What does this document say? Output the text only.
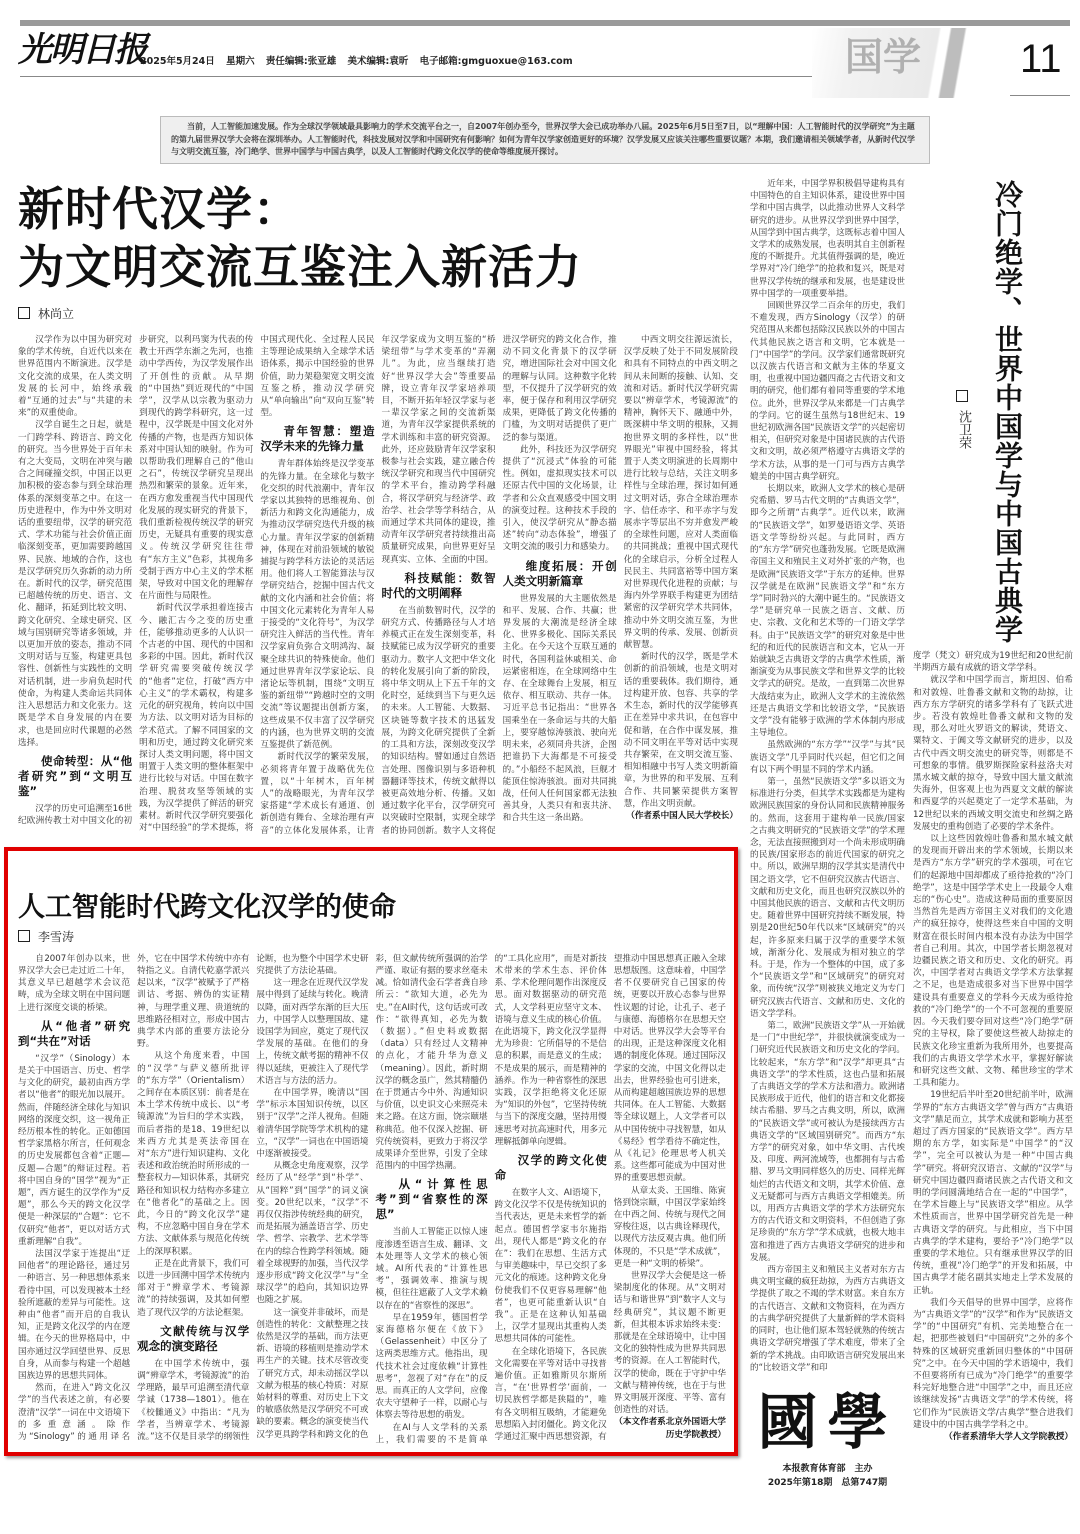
光明日报
2025年5月24日 星期六 责任编辑:张亚雄 美术编辑:袁昕 电子邮箱:gmguoxue@163.com	国学 11
当前，人工智能加速发展。作为全球汉学领域最具影响力的学术交流平台之一，自2007年创办至今，世界汉学大会已成功举办八届。2025年6月5日至7日，以“理解中国：人工智能时代的汉学研究”为主题的第九届世界汉学大会将在深圳举办。人工智能时代，科技发展对汉学和中国研究有何影响？如何为青年汉学家创造更好的环境？汉学发展又应该关注哪些重要议题？本期，我们邀请相关领域学者，从新时代汉学与文明交流互鉴，冷门绝学、世界中国学与中国古典学，以及人工智能时代跨文化汉学的使命等维度展开探讨。
新时代汉学：
为文明交流互鉴注入新活力
林尚立

汉学作为以中国为研究对象的学术传统，自近代以来在世界范围内不断演进。汉学是文化交流的成果，在人类文明发展的长河中，始终承载着“互通的过去”与“共建的未来”的双重使命。

汉学自诞生之日起，就是一门跨学科、跨语言、跨文化的研究。当今世界处于百年未有之大变局，文明在冲突与融合之间碰撞交织，中国正以更加积极的姿态参与到全球治理体系的深刻变革之中。在这一历史进程中，作为中外文明对话的重要纽带，汉学的研究范式、学术功能与社会价值正面临深刻变革，更加需要跨越国界、民族、地域的合作，这也是汉学研究历久弥新的动力所在。新时代的汉学，研究范围已超越传统的历史、语言、文化、翻译，拓延到比较文明、跨文化研究、全球史研究、区域与国别研究等诸多领域，并以更加开放的姿态，推动不同文明对话与互鉴，构建更具包容性、创新性与实践性的文明对话机制，进一步肩负起时代使命，为构建人类命运共同体注入思想活力和文化张力。这既是学术自身发展的内在要求，也是回应时代课题的必然选择。

使命转型：从“他者研究”到“文明互鉴”

汉学的历史可追溯至16世纪欧洲传教士对中国文化的初步研究，以利玛窦为代表的传教士开西学东渐之先河，也推动中学西传，为汉学发展作出了开创性的贡献。从早期的“中国热”到近现代的“中国学”，汉学从以宗教为驱动力到现代的跨学科研究，这一过程中，汉学既是中国文化对外传播的产物，也是西方知识体系对中国认知的映射。作为可以帮助我们理解自己的“他山之石”，传统汉学研究呈现出热烈和繁荣的景象。近年来，在西方愈发重视当代中国现代化发展的现实研究的背景下，我们重新检视传统汉学的研究历史，无疑具有重要的现实意义。传统汉学研究往往带有“东方主义”色彩，其视角多受制于西方中心主义的学术框架，导致对中国文化的理解存在片面性与局限性。

新时代汉学承担着连接古今、融汇古今之变的历史重任，能够推动更多的人认识一个古老的中国、现代的中国和多彩的中国。因此，新时代汉学研究需要突破传统汉学的“他者”定位，打破“西方中心主义”的学术霸权，构建多元化的研究视角，转向以中国为方法、以文明对话为目标的学术范式。了解不同国家的文明和历史，通过跨文化研究来探讨人类文明问题，将中国文明置于人类文明的整体框架中进行比较与对话。中国在数字治理、脱贫攻坚等领域的实践，为汉学提供了鲜活的研究素材。新时代汉学研究要强化对“中国经验”的学术提炼，将中国式现代化、全过程人民民主等理论成果纳入全球学术话语体系，揭示中国经验的世界价值，助力架稳架宽文明交流互鉴之桥，推动汉学研究从“单向输出”向“双向互鉴”转型。

青年智慧：塑造汉学未来的先锋力量

青年群体始终是汉学变革的先锋力量。在全球化与数字化交织的时代浪潮中，青年汉学家以其独特的思维视角、创新活力和跨文化沟通能力，成为推动汉学研究迭代升级的核心力量。青年汉学家的创新精神，体现在对前沿领域的敏锐捕捉与跨学科方法论的灵活运用。他们将人工智能算法与汉学研究结合，挖掘中国古代文献的文化内涵和社会价值；将中国文化元素转化为青年人易于接受的“文化符号”，为汉学研究注入鲜活的当代性。青年汉学家肩负弥合文明鸿沟、凝聚全球共识的特殊使命。他们通过世界青年汉学家论坛、良渚论坛等机制，围绕“文明互鉴的新纽带”“跨越时空的文明交流”等议题提出创新方案，这些成果不仅丰富了汉学研究的内涵，也为世界文明的交流互鉴提供了新范例。

新时代汉学的繁荣发展，必须将青年置于战略优先位置，以“十年树木，百年树人”的战略眼光，为青年汉学家搭建“学术成长有通道、创新创造有舞台、全球治理有声音”的立体化发展体系，让青年汉学家成为文明互鉴的“桥梁纽带”与学术变革的“弄潮儿”。为此，应当继续打造好“世界汉学大会”等重要品牌，设立青年汉学家培养项目，不断开拓年轻汉学家与老一辈汉学家之间的交流新渠道，为青年汉学家提供系统的学术训练和丰富的研究资源。此外，还应鼓励青年汉学家积极参与社会实践，建立融合传统汉学研究和现当代中国研究的学术平台，推动跨学科融合，将汉学研究与经济学、政治学、社会学等学科结合，从而通过学术共同体的建设，推动青年汉学研究者持续推出高质量研究成果，向世界更好呈现真实、立体、全面的中国。

科技赋能：数智时代的文明阐释

在当前数智时代，汉学的研究方式、传播路径与人才培养模式正在发生深刻变革，科技赋能已成为汉学研究的重要驱动力。数字人文把中华文化的转化发展引向了新的阶段，将中华文明从上下五千年的文化时空，延续到当下与更久远的未来。人工智能、大数据、区块链等数字技术的迅猛发展，为跨文化研究提供了全新的工具和方法，深刻改变汉学的知识结构。譬如通过自然语言处理、图像识别与多语种机器翻译等技术，传统文献得以被更高效地分析、传播。又如通过数字化平台，汉学研究可以突破时空限制，实现全球学者的协同创新。数字人文将促进汉学研究的跨文化合作，推动不同文化背景下的汉学研究，增进国际社会对中国文化的理解与认同。这种数字化转型，不仅提升了汉学研究的效率，便于保存和利用汉学研究成果，更降低了跨文化传播的门槛，为文明对话提供了更广泛的参与渠道。

此外，科技还为汉学研究提供了“沉浸式”体验的可能性。例如，虚拟现实技术可以还原古代中国的文化场景，让学者和公众直观感受中国文明的演变过程。这种技术手段的引入，使汉学研究从“静态描述”转向“动态体验”，增强了文明交流的吸引力和感染力。

维度拓展：开创人类文明新篇章

世界发展的大主题依然是和平、发展、合作、共赢；世界发展的大潮流是经济全球化、世界多极化、国际关系民主化。在今天这个互联互通的时代，各国利益休戚相关、命运紧密相连，在全球网络中生存、在全球舞台上发展，相互依存、相互联动、共存一体。习近平总书记指出：“世界各国乘坐在一条命运与共的大船上，要穿越惊涛骇浪、驶向光明未来，必须同舟共济，企图把谁扔下大海都是不可接受的。”小船经不起风浪，巨舰才能顶住惊涛骇浪。面对共同挑战，任何人任何国家都无法独善其身，人类只有和衷共济、和合共生这一条出路。

中西文明交往源远流长，汉学反映了处于不同发展阶段和具有不同特点的中西文明之间从未间断的接触、认知、交流和对话。新时代汉学研究需要以“辨章学术，考镜源流”的精神，胸怀天下、融通中外，既深耕中华文明的根脉，又拥抱世界文明的多样性，以“世界眼光”审视中国经验，将其置于人类文明演进的长周期中进行比较与总结，关注文明多样性与全球治理，探讨如何通过文明对话，弥合全球治理赤字、信任赤字、和平赤字与发展赤字等层出不穷并愈发严峻的全球性问题，应对人类面临的共同挑战；重视中国式现代化的全球启示，分析全过程人民民主、共同富裕等中国方案对世界现代化进程的贡献；与海内外学界联手构建更为团结紧密的汉学研究学术共同体，推动中外文明交流互鉴，为世界文明的传承、发展、创新贡献智慧。

新时代的汉学，既是学术创新的前沿领域，也是文明对话的重要载体。我们期待，通过构建开放、包容、共享的学术生态，新时代的汉学能够真正在差异中求共识，在包容中促和谐，在合作中谋发展，推动不同文明在平等对话中实现共存繁荣，在文明交流互鉴、相知相融中书写人类文明新篇章，为世界的和平发展、互利合作、共同繁荣提供方案智慧，作出文明贡献。

（作者系中国人民大学校长）

人工智能时代跨文化汉学的使命
李雪涛

自2007年创办以来，世界汉学大会已走过近二十年，其意义早已超越学术会议范畴，成为全球文明在中国问题上进行深度交谈的桥梁。

从“他者”研究到“共在”对话

“汉学”（Sinology）本是关于中国语言、历史、哲学与文化的研究，最初由西方学者以“他者”的眼光加以展开。然而，伴随经济全球化与知识网络的深度交织，这一视角正经历根本性的转化。正如德国哲学家黑格尔所言，任何观念的历史发展都包含着“正题—反题—合题”的辩证过程。若将中国自身的“国学”视为“正题”，西方诞生的汉学作为“反题”，那么今天的跨文化汉学便是一种深层的“合题”：它不仅研究“他者”，更以对话方式重新理解“自我”。

法国汉学家于连提出“迂回他者”的理论路径，通过另一种语言、另一种思想体系来看待中国，可以发现被本土经验所遮蔽的差异与可能性。这种由“他者”而开启的自我认知，正是跨文化汉学的内在逻辑。在今天的世界格局中，中国亦通过汉学回望世界、反思自身，从而参与构建一个超越国族边界的思想共同体。

然而，在进入“跨文化汉学”的当代表述之前，有必要澄清“汉学”一词在中文语境下的多重意涵。除作为“Sinology”的通用译名外，它在中国学术传统中亦有特指之义。自清代乾嘉学派兴起以来，“汉学”被赋予了严格训诂、考据、辨伪的实证精神，与理学重义理、贵道统的思维路径相对立，形成中国古典学术内部的重要方法论分野。

从这个角度来看，中国的“汉学”与萨义德所批评的“东方学”（Orientalism）之间存在本质区别：前者是在本土学术传统中成长、以“考镜源流”为旨归的学术实践，而后者指的是18、19世纪以来西方尤其是英法帝国在对“东方”进行知识建构、文化表述和政治统治时所形成的一整套权力—知识体系，其研究路径和知识权力结构亦多建立在“他者化”的基础之上。因此，今日的“跨文化汉学”建构，不应忽略中国自身在学术方法、文献体系与规范化传统上的深厚积累。

正是在此背景下，我们可以进一步回溯中国学术传统内部对于“辨章学术、考镜源流”的持续强调，及其如何塑造了现代汉学的方法论框架。

文献传统与汉学观念的演变路径

在中国学术传统中，强调“辨章学术，考镜源流”的治学理路，最早可追溯至清代章学诚（1738—1801）。他在《校雠通义》中指出：“凡为学者，当辨章学术、考镜源流。”这不仅是目录学的纲领性论断，也为整个中国学术史研究提供了方法论基础。

这一理念在近现代汉学发展中得到了延续与转化。晚清以降，面对西学东渐的巨大压力，中国学人以整理国故、建设国学为回应，奠定了现代汉学发展的基础。在他们的身上，传统文献考据的精神不仅得以延续，更被注入了现代学术语言与方法的活力。

在中国学界，晚清以“国学”标示本国知识传统，以区别于“汉学”之洋人视角。但随着清华国学院等学术机构的建立，“汉学”一词也在中国语境中逐渐被接受。

从概念史角度观察，汉学经历了从“经学”到“朴学”、从“国粹”到“国学”的词义演变。20世纪以来，“汉学”不再仅仅指涉传统经典的研究，而是拓展为涵盖语言学、历史学、哲学、宗教学、艺术学等在内的综合性跨学科领域。随着全球视野的加强，当代汉学逐步形成“跨文化汉学”与“全球汉学”的趋向，其知识边界也随之扩展。

这一演变并非破坏，而是创造性的转化：文献整理之技依然是汉学的基础，而方法更新、语境的移植则是推动学术再生产的关键。技术尽管改变了研究方式，却未动摇汉学以文献为根基的核心特质：对原始材料的尊重、对历史上下文的敏感依然是汉学研究不可或缺的要素。概念的演变使当代汉学更具跨学科和跨文化的色彩，但文献传统所强调的治学严谨、取证有据的要求丝毫未减。恰如清代金石学者龚自珍所云：“欲知大道，必先为史。”在AI时代，这句话或可改作：“欲得真知，必先为数（数据）。”但史料或数据（data）只有经过人文精神的点化，才能升华为意义（meaning）。因此，新时期汉学的概念虽广，然其精髓仍在于贯通古今中外、沟通知识与价值，以史识文心来照亮未来之路。在这方面，饶宗颐堪称典范。他不仅深入挖掘、研究传统资料，更致力于将汉学成果译介至世界，引发了全球范围内的中国学热潮。

从“计算性思考”到“省察性的深思”

当前人工智能正以惊人速度渗透至语言生成、翻译、文本处理等人文学术的核心领域。AI所代表的“计算性思考”，强调效率、推演与规模，但往往遮蔽了人文学术赖以存在的“省察性的深思”。

早在1959年，德国哲学家海德格尔便在《放下》（Gelassenheit）中区分了这两类思维方式。他指出，现代技术社会过度依赖“计算性思考”，忽视了对“存在”的反思。而真正的人文学问，应像农夫守望种子一样，以耐心与体察去等待思想的萌发。

在AI与人文学科的关系上，我们需要的不是简单的“工具化应用”，而是对新技术带来的学术生态、评价体系、学术伦理问题作出深度反思。面对数据驱动的研究范式，人文学科更应坚守文本、语境与意义生成的核心价值。在此语境下，跨文化汉学显得尤为珍贵：它所倡导的不是信息的积累，而是意义的生成；不是成果的展示，而是精神的涵养。作为一种省察性的深思实践，汉学拒绝将文化还原为“知识的外包”，它坚持传统与当下的深度交融，坚持用慢速思考对抗高速时代，用多元理解抵御单向逻辑。

汉学的跨文化使命

在数字人文、AI语境下，跨文化汉学不仅是传统知识的当代表达，更是未来哲学的新起点。德国哲学家韦尔施指出，现代人都是“跨文化的存在”：我们在思想、生活方式与审美趣味中，早已交织了多元文化的痕迹。这种跨文化身份使我们不仅更容易理解“他者”，也更可能重新认识“自我”。正是在这种认知基础上，汉学才显现出其重构人类思想共同体的可能性。

在全球化语境下，各民族文化需要在平等对话中寻找普遍价值。正如雅斯贝尔斯所言，“在‘世界哲学’面前，一切民族哲学都是狭隘的”，唯有各文明相互吸纳，才能避免思想陷入封闭僵化。跨文化汉学通过汇聚中西思想资源，有望推动中国思想真正融入全球思想版图。这意味着，中国学者不仅要研究自己国家的传统，更要以开放心态参与世界性议题的讨论，让孔子、老子与康德、海德格尔在思想天空中对话。世界汉学大会等平台的出现，正是这种深度文化相遇的制度化体现。通过国际汉学家的交流，中国文化得以走出去，世界经验也可引进来，从而构建超越国族边界的思想共同体。在人工智能、大数据等全球议题上，人文学者可以从中国传统中寻找智慧，如从《易经》哲学看待不确定性，从《礼记》伦理思考人机关系。这些都可能成为中国对世界的重要思想贡献。

从章太炎、王国维、陈寅恪到饶宗颐，中国汉学家始终在中西之间、传统与现代之间穿梭往返，以古典诠释现代，以现代方法反观古典。他们所体现的，不只是“学术成就”，更是一种“文明的桥梁”。

世界汉学大会便是这一桥梁制度化的体现。从“文明对话与和谐世界”到“数字人文与经典研究”，其议题不断更新，但其根本诉求始终未变：那就是在全球语境中，让中国文化的独特性成为世界共同思考的资源。在人工智能时代，汉学的使命，既在于守护中华文献与精神传统，也在于与世界文明展开深度、平等、富有创造性的对话。

（本文作者系北京外国语大学历史学院教授）

冷门绝学、世界中国学与中国古典学
沈卫荣

近年来，中国学界积极倡导建构具有中国特色的自主知识体系，建设世界中国学和中国古典学，以此推动世界人文科学研究的进步。从世界汉学到世界中国学，从国学到中国古典学，这既标志着中国人文学术的成熟发展，也表明其自主创新程度的不断提升。尤其值得强调的是，晚近学界对“冷门绝学”的抢救和复兴，既是对世界汉学传统的继承和发展，也是建设世界中国学的一项重要举措。

回顾世界汉学二百余年的历史，我们不难发现，西方Sinology（汉学）的研究范围从来都包括除汉民族以外的中国古代其他民族之语言和文明，它本就是一门“中国学”的学问。汉学家们通常既研究以汉族古代语言和文献为主体的华夏文明，也重视中国边疆四裔之古代语文和文明的研究，他们都有着同等重要的学术地位。此外，世界汉学从来都是一门古典学的学问。它的诞生虽然与18世纪末、19世纪初欧洲各国“民族语文学”的兴起密切相关，但研究对象是中国诸民族的古代语文和文明，故必须严格遵守古典语文学的学术方法，从事的是一门可与西方古典学媲美的中国古典学研究。

长期以来，欧洲人文学术的核心是研究希腊、罗马古代文明的“古典语文学”，即今之所谓“古典学”。近代以来，欧洲的“民族语文学”，如罗曼语语文学、英语语文学等纷纷兴起。与此同时，西方的“东方学”研究也蓬勃发展。它既是欧洲帝国主义和殖民主义对外扩张的产物，也是欧洲“民族语文学”于东方的延伸。世界汉学就是在欧洲“民族语文学”和“东方学”同时勃兴的大潮中诞生的。“民族语文学”是研究单一民族之语言、文献、历史、宗教、文化和艺术等的一门语文学学科。由于“民族语文学”的研究对象是中世纪的和近代的民族语言和文本，它从一开始就缺乏古典语文学的古典学术性质，渐渐演变为从事民族文学和世界文学的比较文学式的研究。是故，一直到第二次世界大战结束为止，欧洲人文学术的主流依然还是古典语文学和比较语文学，“民族语文学”没有能够于欧洲的学术体制内形成主导地位。

虽然欧洲的“东方学”“汉学”与其“民族语文学”几乎同时代兴起，但它们之间有以下两个明显不同的学术内涵。

第一，虽然“民族语文学”多以语文为标准进行分类，但其学术实践都是为建构欧洲民族国家的身份认同和民族精神服务的。然而，这套用于建构单一民族/国家之古典文明研究的“民族语文学”的学术理念，无法直接照搬到对一个尚未形成明确的民族/国家形态的前近代国家的研究之中。所以，欧洲早期的汉学其实是清代中国之语文学，它不但研究汉族古代语言、文献和历史文化，而且也研究汉族以外的中国其他民族的语言、文献和古代文明历史。随着世界中国研究持续不断发展，特别是20世纪50年代以来“区域研究”的兴起，许多原来归属于汉学的重要学术领域，渐渐分化、发展成为相对独立的学科。于是，作为一个整体的中国，成了多个“民族语文学”和“区域研究”的研究对象，而传统“汉学”则被狭义地定义为专门研究汉族古代语言、文献和历史、文化的语文学学科。

第二，欧洲“民族语文学”从一开始就是一门“中世纪学”，并很快就演变成为一门研究近代民族语文和历史文化的学问。比较起来，“东方学”和“汉学”却更具“古典语文学”的学术性质，这也凸显和拓展了古典语文学的学术方法和潜力。欧洲诸民族形成于近代，他们的语言和文化都接续古希腊、罗马之古典文明，所以，欧洲的“民族语文学”或可被认为是接续西方古典语文学的“区域国别研究”。而西方“东方学”的研究对象，如中华文明、古代埃及、印度、两河流域等，也都拥有与古希腊、罗马文明同样悠久的历史、同样光辉灿烂的古代语文和文明，其学术价值、意义无疑都可与西方古典语文学相媲美。所以，用西方古典语文学的学术方法研究东方的古代语文和文明资料，不但创造了弥足珍贵的“东方学”学术成就，也极大地丰富和推进了西方古典语文学研究的进步和发展。

西方帝国主义和殖民主义者对东方古典文明宝藏的疯狂劫掠，为西方古典语文学提供了取之不竭的学术财富。来自东方的古代语言、文献和文物资料，在为西方的古典学研究提供了大量新鲜的学术资料的同时，也让他们原本驾轻就熟的传统古典语文学研究增强了学术难度，带来了全新的学术挑战。由印欧语言研究发展出来的“比较语文学”和印

國學
本报教育体育部　主办
2025年第18期　总第747期

度学（梵文）研究成为19世纪和20世纪前半期西方最有成就的语文学学科。

就汉学和中国学而言，斯坦因、伯希和对敦煌、吐鲁番文献和文物的劫掠，让西方东方学研究的诸多学科有了飞跃式进步。若没有敦煌吐鲁番文献和文物的发现，那么对吐火罗语文的解读，梵语文、粟特文、于阗文等文献研究的进步，以及古代中西文明交流史的研究等，则都是不可想象的事情。俄罗斯探险家科兹洛夫对黑水城文献的掠夺，导致中国大量文献流失海外，但客观上也为西夏文文献的解读和西夏学的兴起奠定了一定学术基础，为12世纪以来的西域文明交流史和丝绸之路发展史的重构创造了必要的学术条件。

以上这些因敦煌吐鲁番和黑水城文献的发现而开辟出来的学术领域，长期以来是西方“东方学”研究的学术强项，可在它们的起源地中国却都成了亟待抢救的“冷门绝学”，这是中国学学术史上一段最令人难忘的“伤心史”。造成这种局面的重要原因当然首先是西方帝国主义对我们的文化遗产的疯狂掠夺，使得这些来自中国的文明财富在很长时间内根本没有办法为中国学者自己利用。其次，中国学者长期忽视对边疆民族之语文和历史、文化的研究。再次，中国学者对古典语文学学术方法掌握之不足，也是造成很多对当下世界中国学建设具有重要意义的学科今天成为亟待抢救的“冷门绝学”的一个不可忽视的重要原因。今天我们要夺回对这些“冷门绝学”研究的主导权，除了要使这些被人劫掠走的民族文化珍宝重新为我所用外，也要提高我们的古典语文学学术水平，掌握好解读和研究这些文献、文物、稀世珍宝的学术工具和能力。

19世纪后半叶至20世纪前半叶，欧洲学界的“东方古典语文学”曾与西方“古典语文学”鼎足而立，其学术成就和影响力甚至超过了西方国家的“民族语文学”。西方早期的东方学，如实际是“中国学”的“汉学”，完全可以被认为是一种“中国古典学”研究。将研究汉语言、文献的“汉学”与研究中国边疆四裔诸民族之古代语文和文明的学问圆满地结合在一起的“中国学”，在学术旨趣上与“民族语文学”相应。从学术性质而言，世界中国学研究首先是一种古典语文学的研究。与此相应，当下中国古典学的学术建构，要给予“冷门绝学”以重要的学术地位。只有继承世界汉学的旧传统，重视“冷门绝学”的开发和拓展，中国古典学才能名副其实地走上学术发展的正轨。

我们今天倡导的世界中国学，应将作为“古典语文学”的“汉学”和作为“民族语文学”的“中国研究”有机、完美地整合在一起，把那些被划归“中国研究”之外的多个特殊的区域研究重新回归整体的“中国研究”之中。在今天中国的学术语境中，我们不但要将所有已成为“冷门绝学”的重要学科完好地整合进“中国学”之中，而且还应该继续发扬“古典语文学”的学术传统，将它们作为“民族语文学/古典学”整合进我们建设中的中国古典学学科之中。

（作者系清华大学人文学院教授）
